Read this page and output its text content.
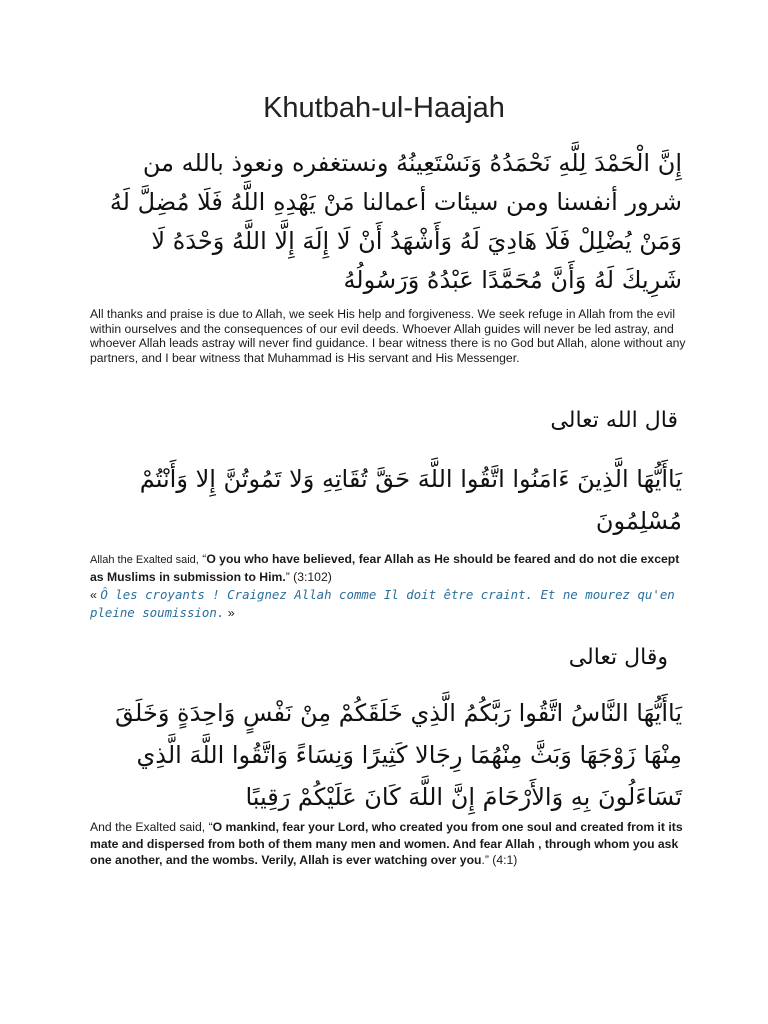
Khutbah-ul-Haajah
إِنَّ الْحَمْدَ لِلَّهِ نَحْمَدُهُ وَنَسْتَعِينُهُ ونستغفره ونعوذ بالله من شرور أنفسنا ومن سيئات أعمالنا مَنْ يَهْدِهِ اللَّهُ فَلَا مُضِلَّ لَهُ وَمَنْ يُضْلِلْ فَلَا هَادِيَ لَهُ وَأَشْهَدُ أَنْ لَا إِلَهَ إِلَّا اللَّهُ وَحْدَهُ لَا شَرِيكَ لَهُ وَأَنَّ مُحَمَّدًا عَبْدُهُ وَرَسُولُهُ
All thanks and praise is due to Allah, we seek His help and forgiveness. We seek refuge in Allah from the evil within ourselves and the consequences of our evil deeds. Whoever Allah guides will never be led astray, and whoever Allah leads astray will never find guidance. I bear witness there is no God but Allah, alone without any partners, and I bear witness that Muhammad is His servant and His Messenger.
قال الله تعالى
يَاأَيُّهَا الَّذِينَ ءَامَنُوا اتَّقُوا اللَّهَ حَقَّ تُقَاتِهِ وَلا تَمُوتُنَّ إِلا وَأَنْتُمْ مُسْلِمُونَ
Allah the Exalted said, “O you who have believed, fear Allah as He should be feared and do not die except as Muslims in submission to Him.” (3:102)
« Ô les croyants ! Craignez Allah comme Il doit être craint. Et ne mourez qu'en pleine soumission. »
وقال تعالى
يَاأَيُّهَا النَّاسُ اتَّقُوا رَبَّكُمُ الَّذِي خَلَقَكُمْ مِنْ نَفْسٍ وَاحِدَةٍ وَخَلَقَ مِنْهَا زَوْجَهَا وَبَثَّ مِنْهُمَا رِجَالا كَثِيرًا وَنِسَاءً وَاتَّقُوا اللَّهَ الَّذِي تَسَاءَلُونَ بِهِ وَالأَرْحَامَ إِنَّ اللَّهَ كَانَ عَلَيْكُمْ رَقِيبًا
And the Exalted said, “O mankind, fear your Lord, who created you from one soul and created from it its mate and dispersed from both of them many men and women. And fear Allah , through whom you ask one another, and the wombs. Verily, Allah is ever watching over you.” (4:1)
